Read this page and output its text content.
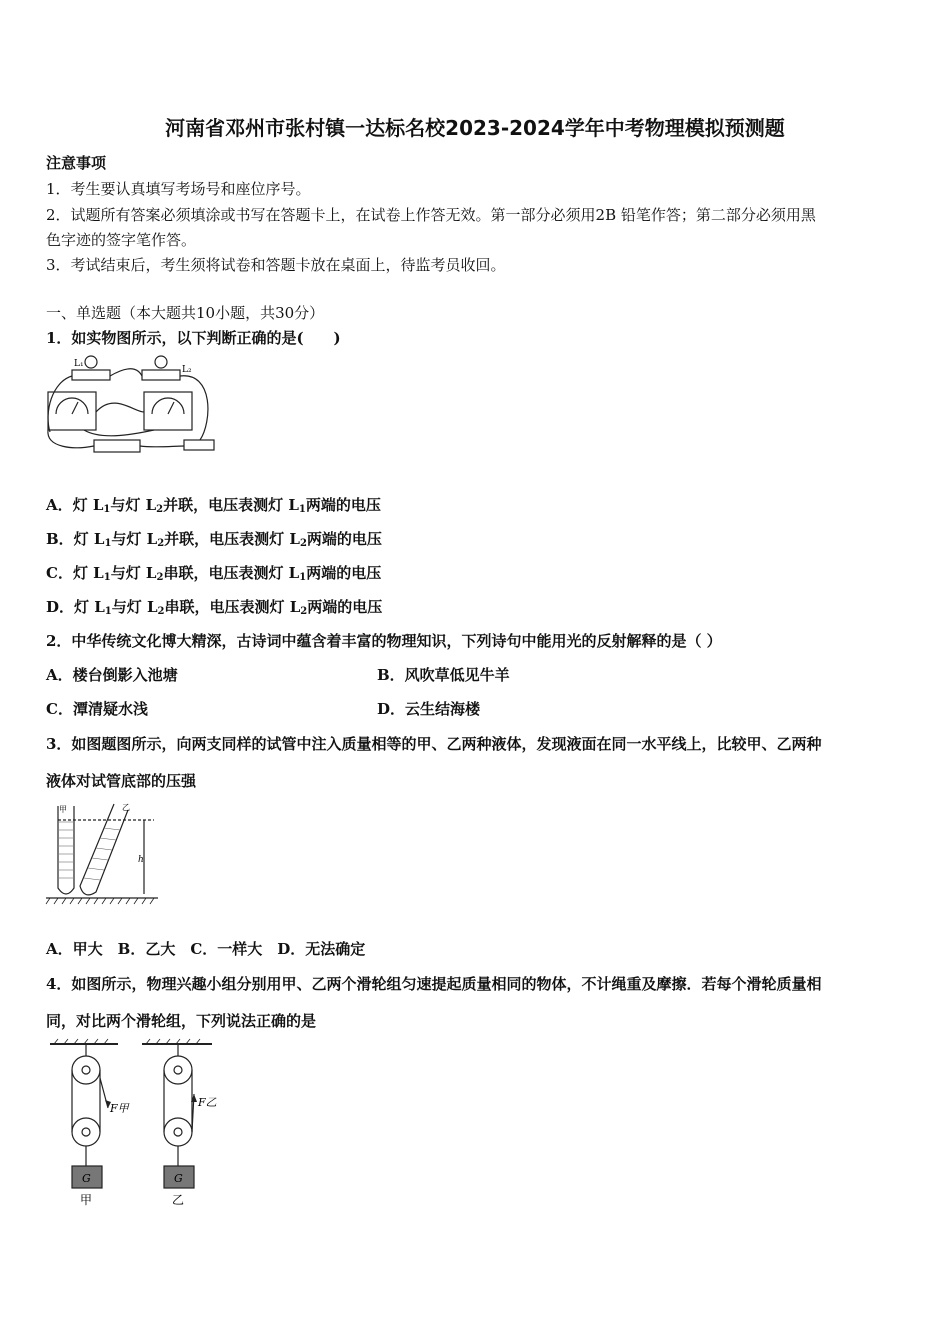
河南省邓州市张村镇一达标名校2023-2024学年中考物理模拟预测题
注意事项
1．考生要认真填写考场号和座位序号。
2．试题所有答案必须填涂或书写在答题卡上，在试卷上作答无效。第一部分必须用2B 铅笔作答；第二部分必须用黑
色字迹的签字笔作答。
3．考试结束后，考生须将试卷和答题卡放在桌面上，待监考员收回。
一、单选题（本大题共10小题，共30分）
1．如实物图所示，以下判断正确的是(　　)
L₁
L₂
A．灯 $L_1$与灯 $L_2$并联，电压表测灯 $L_1$两端的电压
B．灯 $L_1$与灯 $L_2$并联，电压表测灯 $L_2$两端的电压
C．灯 $L_1$与灯 $L_2$串联，电压表测灯 $L_1$两端的电压
D．灯 $L_1$与灯 $L_2$串联，电压表测灯 $L_2$两端的电压
2．中华传统文化博大精深，古诗词中蕴含着丰富的物理知识，下列诗句中能用光的反射解释的是（ ）
A．楼台倒影入池塘	B．风吹草低见牛羊
C．潭清疑水浅	D．云生结海楼
3．如图题图所示，向两支同样的试管中注入质量相等的甲、乙两种液体，发现液面在同一水平线上，比较甲、乙两种
液体对试管底部的压强
甲	乙
h
A．甲大　B．乙大　C．一样大　D．无法确定
4．如图所示，物理兴趣小组分别用甲、乙两个滑轮组匀速提起质量相同的物体，不计绳重及摩擦．若每个滑轮质量相
同，对比两个滑轮组，下列说法正确的是
F甲	F乙
G	G
甲	乙
